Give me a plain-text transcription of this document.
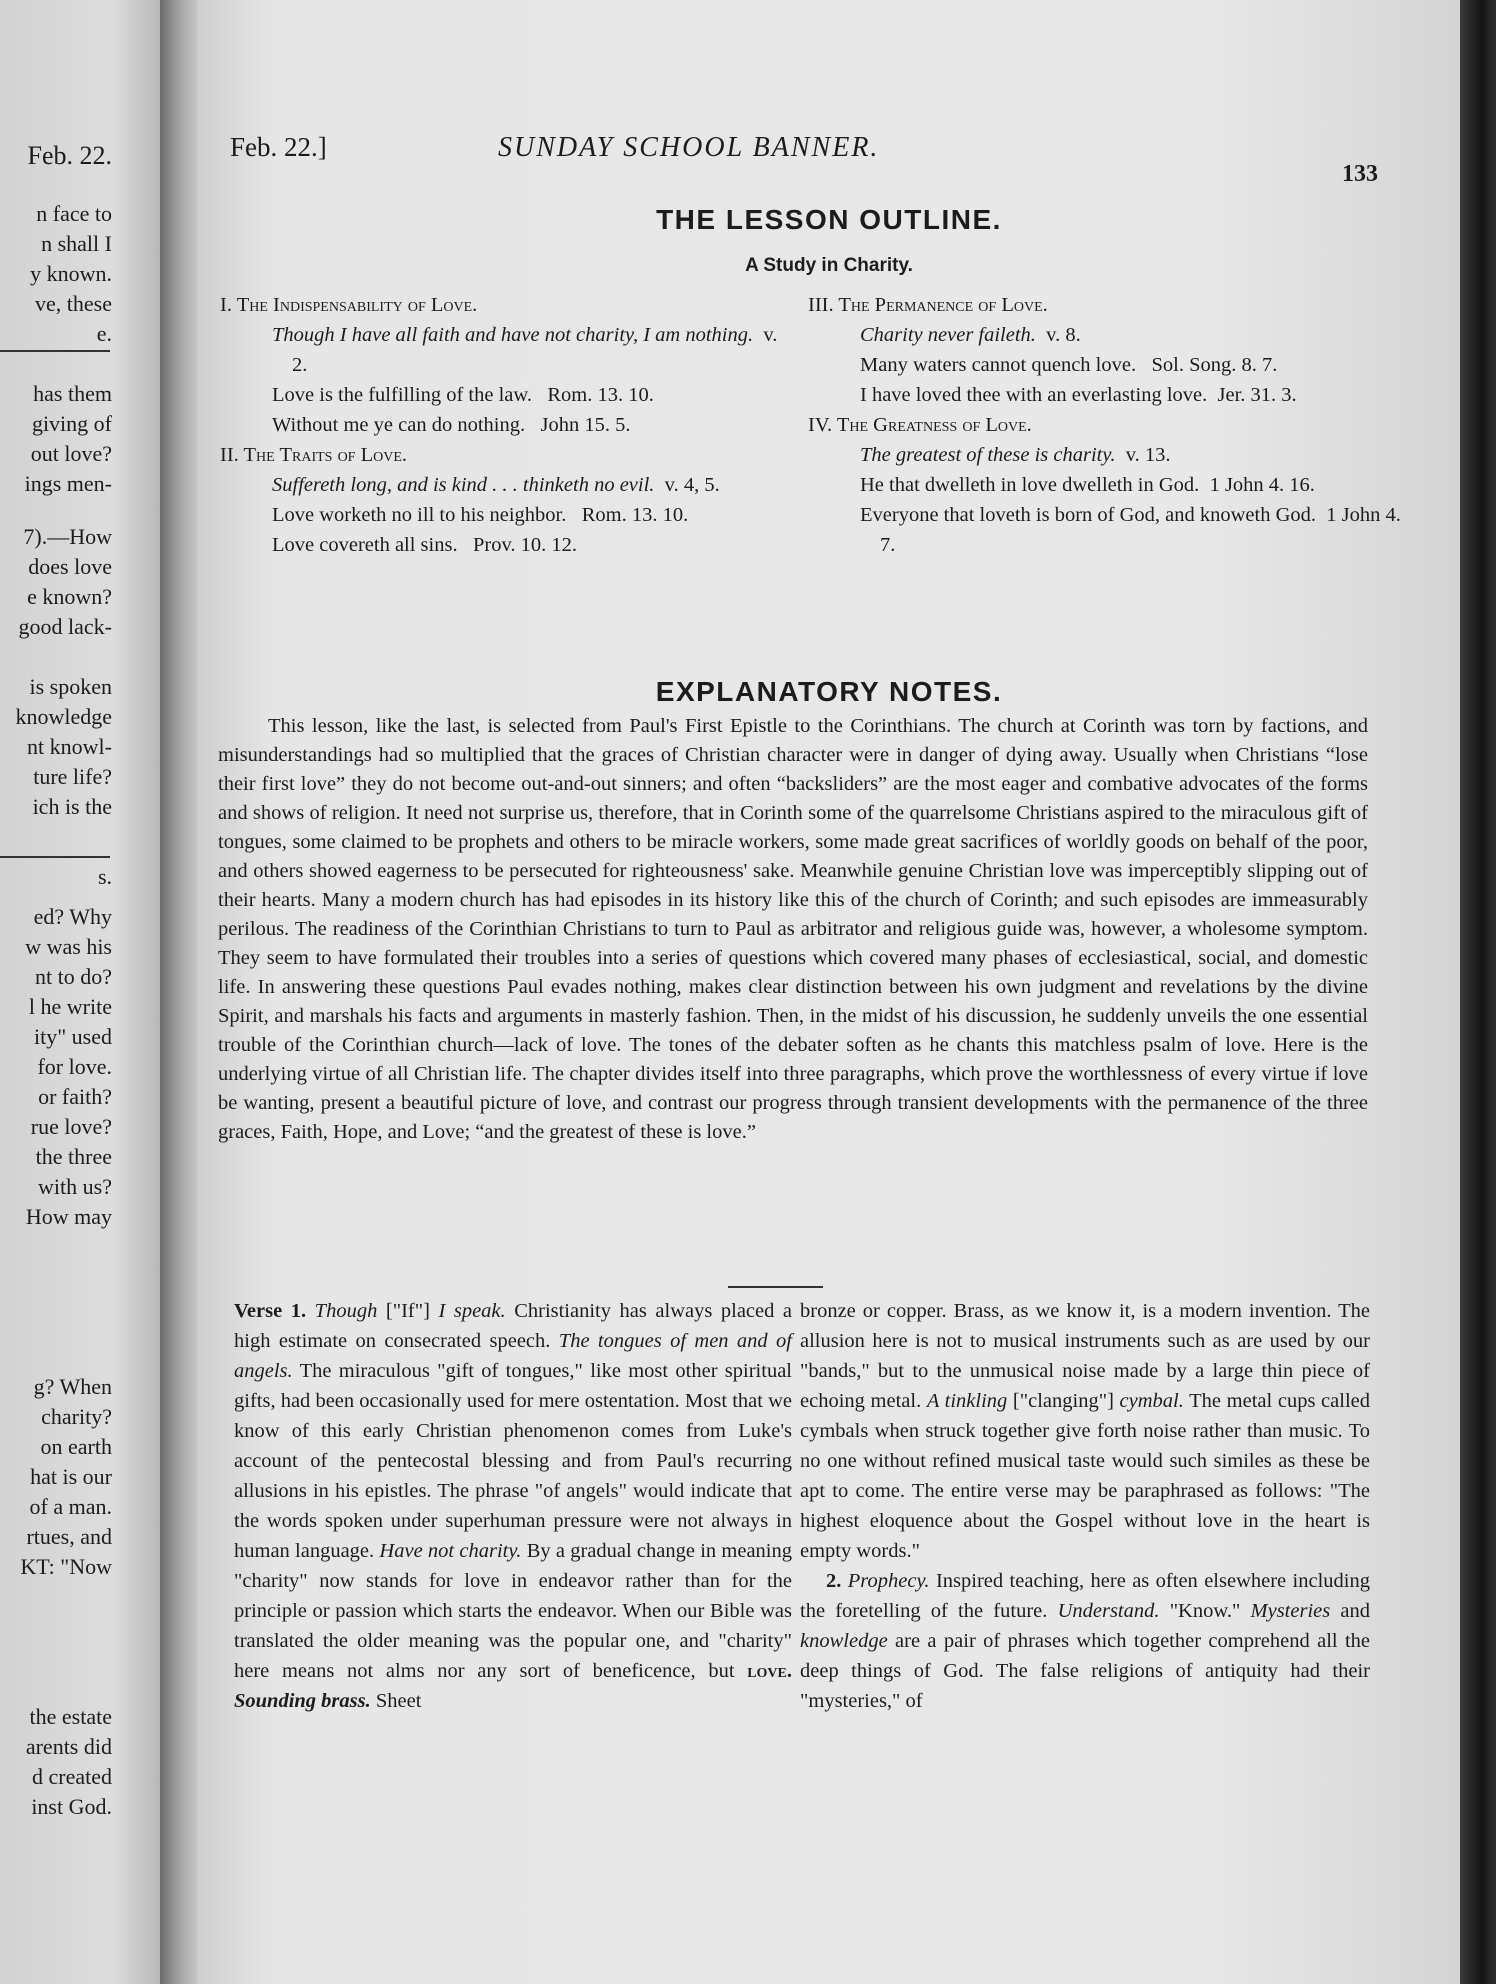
Feb. 22.
n face to
n shall I
y known.
ve, these
e.
has them
giving of
out love?
ings men-
7).—How
does love
e known?
good lack-
is spoken
knowledge
nt knowl-
ture life?
ich is the
s.
ed? Why
w was his
nt to do?
l he write
ity" used
for love.
or faith?
rue love?
the three
with us?
How may
g? When
charity?
on earth
hat is our
of a man.
rtues, and
KT: "Now
the estate
arents did
d created
inst God.
Feb. 22.]	SUNDAY SCHOOL BANNER.
133
THE LESSON OUTLINE.
A Study in Charity.
I. The Indispensability of Love.
Though I have all faith and have not charity, I am nothing. v. 2.
Love is the fulfilling of the law. Rom. 13. 10.
Without me ye can do nothing. John 15. 5.
II. The Traits of Love.
Suffereth long, and is kind . . . thinketh no evil. v. 4, 5.
Love worketh no ill to his neighbor. Rom. 13. 10.
Love covereth all sins. Prov. 10. 12.
III. The Permanence of Love.
Charity never faileth. v. 8.
Many waters cannot quench love. Sol. Song. 8. 7.
I have loved thee with an everlasting love. Jer. 31. 3.
IV. The Greatness of Love.
The greatest of these is charity. v. 13.
He that dwelleth in love dwelleth in God. 1 John 4. 16.
Everyone that loveth is born of God, and knoweth God. 1 John 4. 7.
EXPLANATORY NOTES.

This lesson, like the last, is selected from Paul's First Epistle to the Corinthians. The church at Corinth was torn by factions, and misunderstandings had so multiplied that the graces of Christian character were in danger of dying away. Usually when Christians “lose their first love” they do not become out-and-out sinners; and often “backsliders” are the most eager and combative advocates of the forms and shows of religion. It need not surprise us, therefore, that in Corinth some of the quarrelsome Christians aspired to the miraculous gift of tongues, some claimed to be prophets and others to be miracle workers, some made great sacrifices of worldly goods on behalf of the poor, and others showed eagerness to be persecuted for righteousness' sake. Meanwhile genuine Christian love was imperceptibly slipping out of their hearts. Many a modern church has had episodes in its history like this of the church of Corinth; and such episodes are immeasurably perilous. The readiness of the Corinthian Christians to turn to Paul as arbitrator and religious guide was, however, a wholesome symptom. They seem to have formulated their troubles into a series of questions which covered many phases of ecclesiastical, social, and domestic life. In answering these questions Paul evades nothing, makes clear distinction between his own judgment and revelations by the divine Spirit, and marshals his facts and arguments in masterly fashion. Then, in the midst of his discussion, he suddenly unveils the one essential trouble of the Corinthian church—lack of love. The tones of the debater soften as he chants this matchless psalm of love. Here is the underlying virtue of all Christian life. The chapter divides itself into three paragraphs, which prove the worthlessness of every virtue if love be wanting, present a beautiful picture of love, and contrast our progress through transient developments with the permanence of the three graces, Faith, Hope, and Love; “and the greatest of these is love.”

Verse 1. Though ["If"] I speak. Christianity has always placed a high estimate on consecrated speech. The tongues of men and of angels. The miraculous "gift of tongues," like most other spiritual gifts, had been occasionally used for mere ostentation. Most that we know of this early Christian phenomenon comes from Luke's account of the pentecostal blessing and from Paul's recurring allusions in his epistles. The phrase "of angels" would indicate that the words spoken under superhuman pressure were not always in human language. Have not charity. By a gradual change in meaning "charity" now stands for love in endeavor rather than for the principle or passion which starts the endeavor. When our Bible was translated the older meaning was the popular one, and "charity" here means not alms nor any sort of beneficence, but love. Sounding brass. Sheet

bronze or copper. Brass, as we know it, is a modern invention. The allusion here is not to musical instruments such as are used by our "bands," but to the unmusical noise made by a large thin piece of echoing metal. A tinkling ["clanging"] cymbal. The metal cups called cymbals when struck together give forth noise rather than music. To no one without refined musical taste would such similes as these be apt to come. The entire verse may be paraphrased as follows: "The highest eloquence about the Gospel without love in the heart is empty words."

2. Prophecy. Inspired teaching, here as often elsewhere including the foretelling of the future. Understand. "Know." Mysteries and knowledge are a pair of phrases which together comprehend all the deep things of God. The false religions of antiquity had their "mysteries," of
